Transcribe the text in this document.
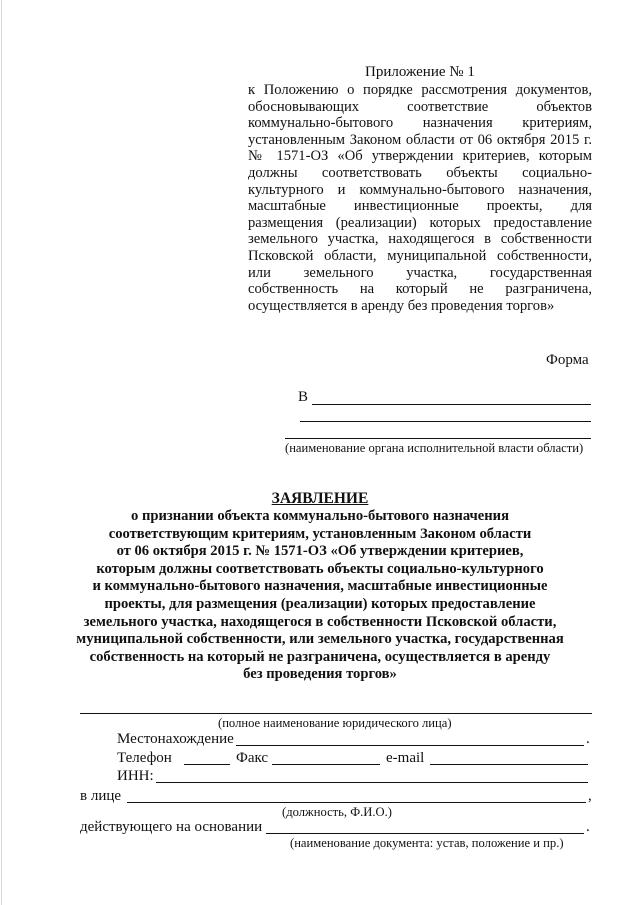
Приложение № 1
к Положению о порядке рассмотрения документов,
обосновывающих соответствие объектов
коммунально-бытового назначения критериям,
установленным Законом области от 06 октября 2015 г.
№ 1571-ОЗ «Об утверждении критериев, которым
должны соответствовать объекты социально-
культурного и коммунально-бытового назначения,
масштабные инвестиционные проекты, для
размещения (реализации) которых предоставление
земельного участка, находящегося в собственности
Псковской области, муниципальной собственности,
или земельного участка, государственная
собственность на который не разграничена,
осуществляется в аренду без проведения торгов»
Форма
В
(наименование органа исполнительной власти области)
ЗАЯВЛЕНИЕ
о признании объекта коммунально-бытового назначения
соответствующим критериям, установленным Законом области
от 06 октября 2015 г. № 1571-ОЗ «Об утверждении критериев,
которым должны соответствовать объекты социально-культурного
и коммунально-бытового назначения, масштабные инвестиционные
проекты, для размещения (реализации) которых предоставление
земельного участка, находящегося в собственности Псковской области,
муниципальной собственности, или земельного участка, государственная
собственность на который не разграничена, осуществляется в аренду
без проведения торгов»
(полное наименование юридического лица)
Местонахождение	.
Телефон	Факс	e-mail
ИНН:
в лице	,
(должность, Ф.И.О.)
действующего на основании	.
(наименование документа: устав, положение и пр.)
